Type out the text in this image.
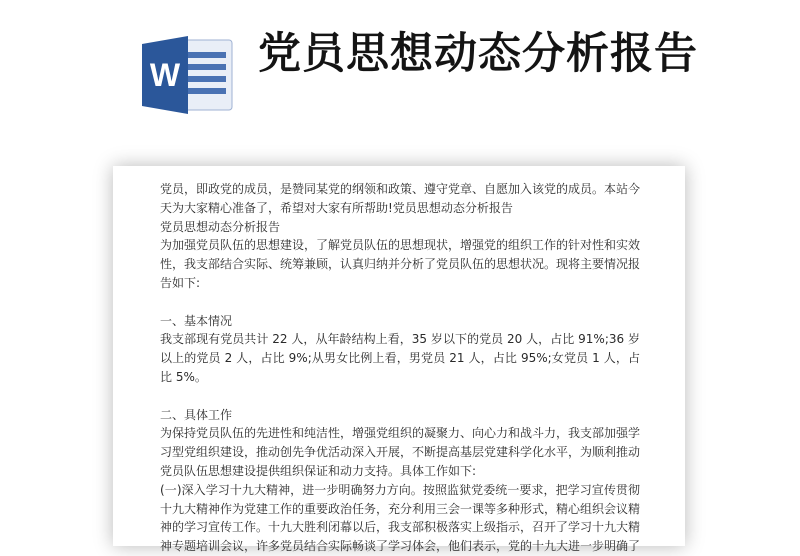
W 党员思想动态分析报告

党员，即政党的成员，是赞同某党的纲领和政策、遵守党章、自愿加入该党的成员。本站今天为大家精心准备了，希望对大家有所帮助!党员思想动态分析报告

党员思想动态分析报告

为加强党员队伍的思想建设，了解党员队伍的思想现状，增强党的组织工作的针对性和实效性，我支部结合实际、统筹兼顾，认真归纳并分析了党员队伍的思想状况。现将主要情况报告如下:

一、基本情况

我支部现有党员共计 22 人，从年龄结构上看，35 岁以下的党员 20 人，占比 91%;36 岁以上的党员 2 人，占比 9%;从男女比例上看，男党员 21 人，占比 95%;女党员 1 人，占比 5%。

二、具体工作

为保持党员队伍的先进性和纯洁性，增强党组织的凝聚力、向心力和战斗力，我支部加强学习型党组织建设，推动创先争优活动深入开展，不断提高基层党建科学化水平，为顺利推动党员队伍思想建设提供组织保证和动力支持。具体工作如下:

(一)深入学习十九大精神，进一步明确努力方向。按照监狱党委统一要求，把学习宣传贯彻十九大精神作为党建工作的重要政治任务，充分利用三会一课等多种形式，精心组织会议精神的学习宣传工作。十九大胜利闭幕以后，我支部积极落实上级指示，召开了学习十九大精神专题培训会议，许多党员结合实际畅谈了学习体会，他们表示，党的十九大进一步明确了
